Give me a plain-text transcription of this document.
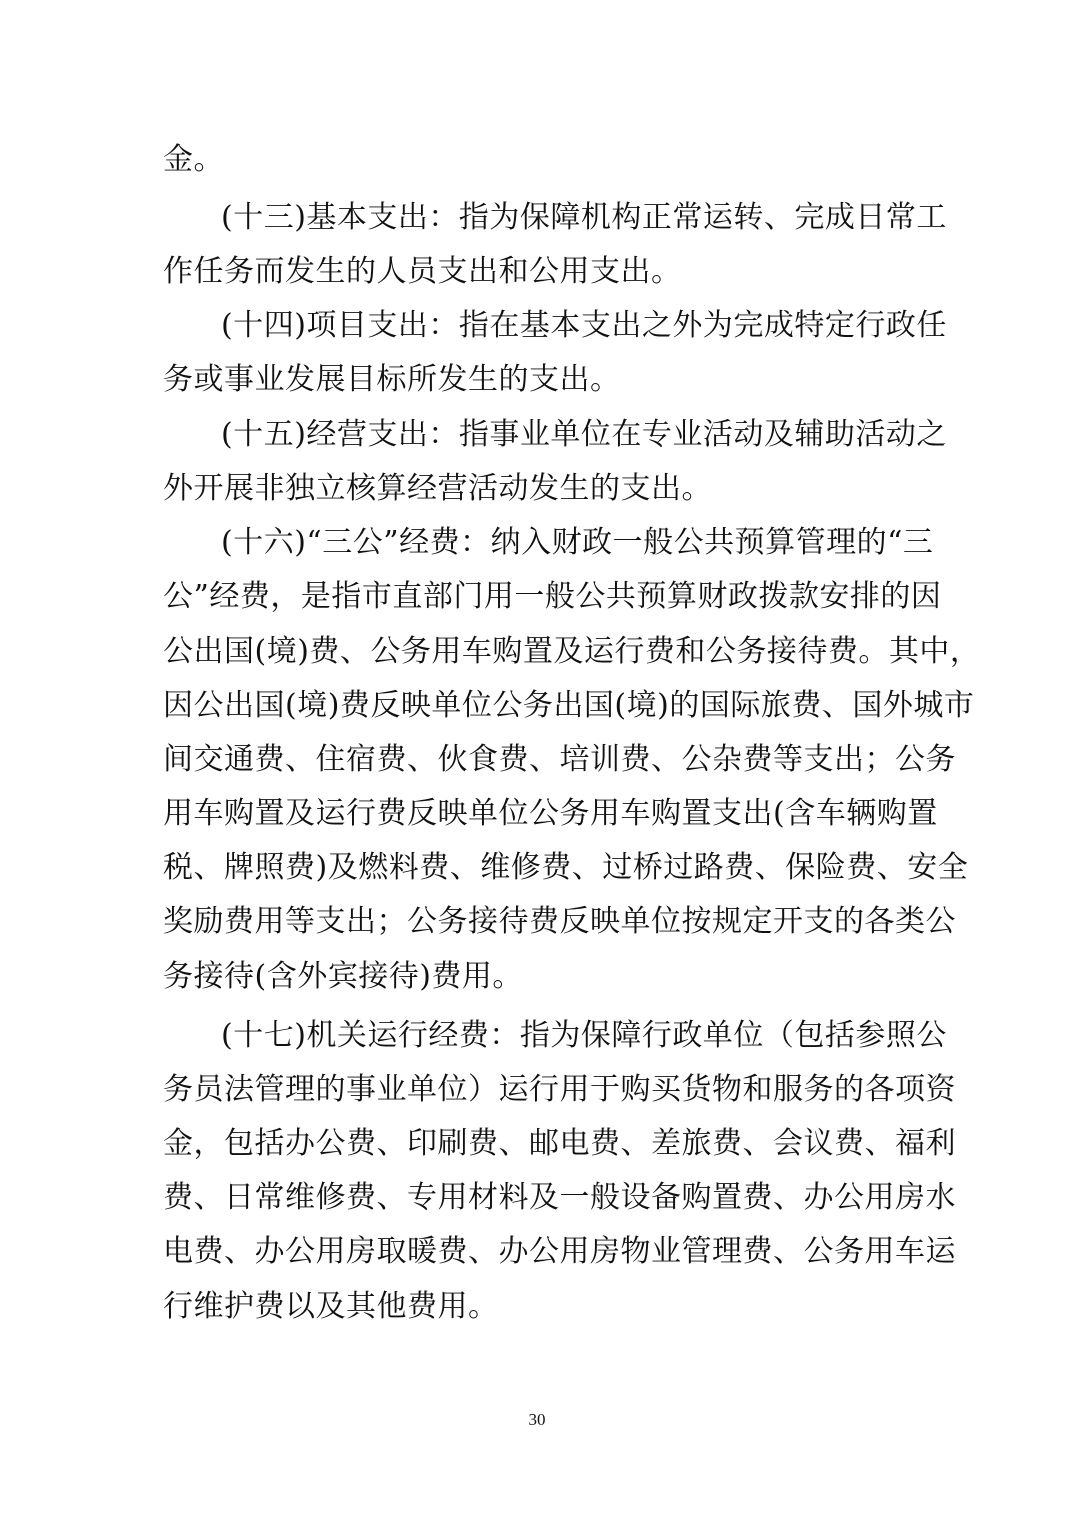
金。
(十三)基本支出：指为保障机构正常运转、完成日常工
作任务而发生的人员支出和公用支出。
(十四)项目支出：指在基本支出之外为完成特定行政任
务或事业发展目标所发生的支出。
(十五)经营支出：指事业单位在专业活动及辅助活动之
外开展非独立核算经营活动发生的支出。
(十六)“三公”经费：纳入财政一般公共预算管理的“三
公”经费，是指市直部门用一般公共预算财政拨款安排的因
公出国(境)费、公务用车购置及运行费和公务接待费。其中，
因公出国(境)费反映单位公务出国(境)的国际旅费、国外城市
间交通费、住宿费、伙食费、培训费、公杂费等支出；公务
用车购置及运行费反映单位公务用车购置支出(含车辆购置
税、牌照费)及燃料费、维修费、过桥过路费、保险费、安全
奖励费用等支出；公务接待费反映单位按规定开支的各类公
务接待(含外宾接待)费用。
(十七)机关运行经费：指为保障行政单位（包括参照公
务员法管理的事业单位）运行用于购买货物和服务的各项资
金，包括办公费、印刷费、邮电费、差旅费、会议费、福利
费、日常维修费、专用材料及一般设备购置费、办公用房水
电费、办公用房取暖费、办公用房物业管理费、公务用车运
行维护费以及其他费用。
30
